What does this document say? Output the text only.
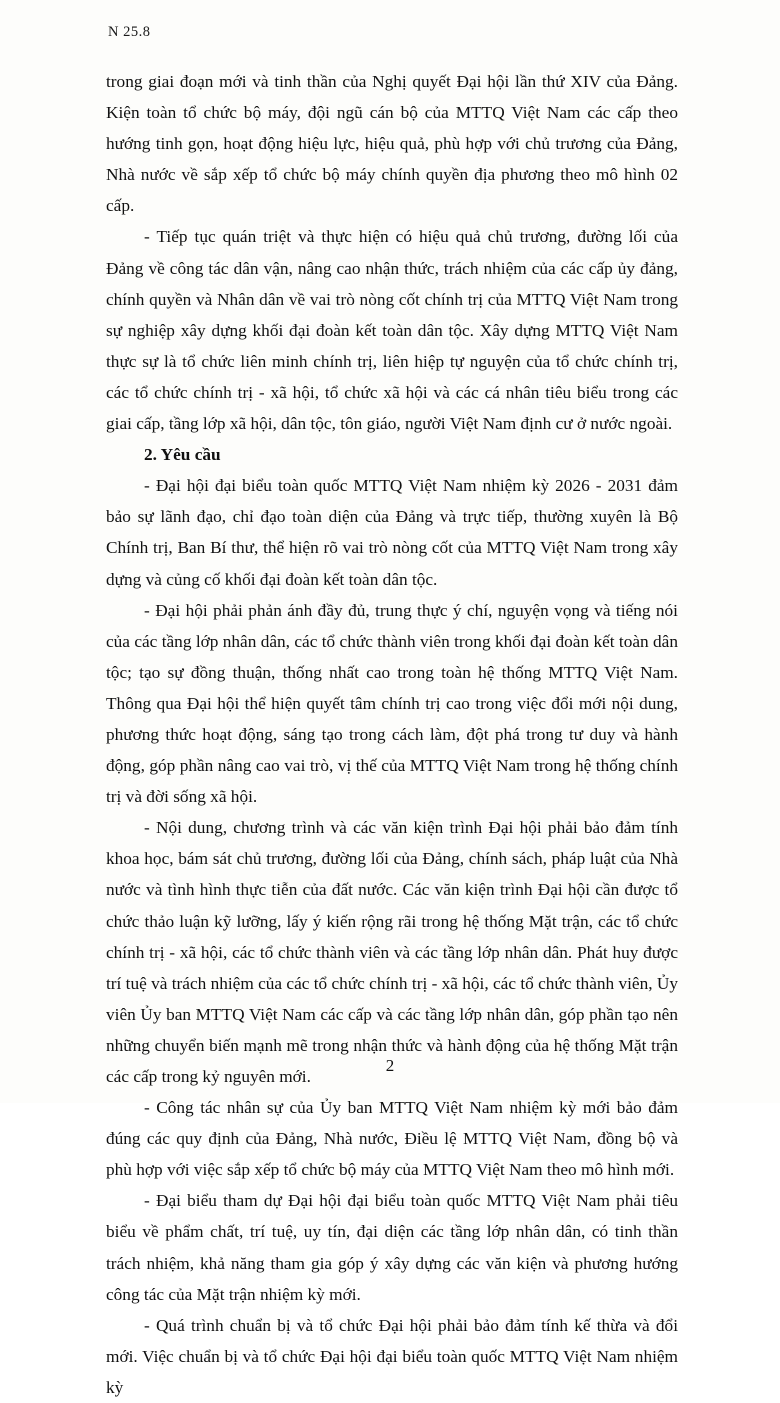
N 25.8

trong giai đoạn mới và tinh thần của Nghị quyết Đại hội lần thứ XIV của Đảng. Kiện toàn tổ chức bộ máy, đội ngũ cán bộ của MTTQ Việt Nam các cấp theo hướng tinh gọn, hoạt động hiệu lực, hiệu quả, phù hợp với chủ trương của Đảng, Nhà nước về sắp xếp tổ chức bộ máy chính quyền địa phương theo mô hình 02 cấp.

- Tiếp tục quán triệt và thực hiện có hiệu quả chủ trương, đường lối của Đảng về công tác dân vận, nâng cao nhận thức, trách nhiệm của các cấp ủy đảng, chính quyền và Nhân dân về vai trò nòng cốt chính trị của MTTQ Việt Nam trong sự nghiệp xây dựng khối đại đoàn kết toàn dân tộc. Xây dựng MTTQ Việt Nam thực sự là tổ chức liên minh chính trị, liên hiệp tự nguyện của tổ chức chính trị, các tổ chức chính trị - xã hội, tổ chức xã hội và các cá nhân tiêu biểu trong các giai cấp, tầng lớp xã hội, dân tộc, tôn giáo, người Việt Nam định cư ở nước ngoài.

2. Yêu cầu

- Đại hội đại biểu toàn quốc MTTQ Việt Nam nhiệm kỳ 2026 - 2031 đảm bảo sự lãnh đạo, chỉ đạo toàn diện của Đảng và trực tiếp, thường xuyên là Bộ Chính trị, Ban Bí thư, thể hiện rõ vai trò nòng cốt của MTTQ Việt Nam trong xây dựng và củng cố khối đại đoàn kết toàn dân tộc.

- Đại hội phải phản ánh đầy đủ, trung thực ý chí, nguyện vọng và tiếng nói của các tầng lớp nhân dân, các tổ chức thành viên trong khối đại đoàn kết toàn dân tộc; tạo sự đồng thuận, thống nhất cao trong toàn hệ thống MTTQ Việt Nam. Thông qua Đại hội thể hiện quyết tâm chính trị cao trong việc đổi mới nội dung, phương thức hoạt động, sáng tạo trong cách làm, đột phá trong tư duy và hành động, góp phần nâng cao vai trò, vị thế của MTTQ Việt Nam trong hệ thống chính trị và đời sống xã hội.

- Nội dung, chương trình và các văn kiện trình Đại hội phải bảo đảm tính khoa học, bám sát chủ trương, đường lối của Đảng, chính sách, pháp luật của Nhà nước và tình hình thực tiễn của đất nước. Các văn kiện trình Đại hội cần được tổ chức thảo luận kỹ lưỡng, lấy ý kiến rộng rãi trong hệ thống Mặt trận, các tổ chức chính trị - xã hội, các tổ chức thành viên và các tầng lớp nhân dân. Phát huy được trí tuệ và trách nhiệm của các tổ chức chính trị - xã hội, các tổ chức thành viên, Ủy viên Ủy ban MTTQ Việt Nam các cấp và các tầng lớp nhân dân, góp phần tạo nên những chuyển biến mạnh mẽ trong nhận thức và hành động của hệ thống Mặt trận các cấp trong kỷ nguyên mới.

- Công tác nhân sự của Ủy ban MTTQ Việt Nam nhiệm kỳ mới bảo đảm đúng các quy định của Đảng, Nhà nước, Điều lệ MTTQ Việt Nam, đồng bộ và phù hợp với việc sắp xếp tổ chức bộ máy của MTTQ Việt Nam theo mô hình mới.

- Đại biểu tham dự Đại hội đại biểu toàn quốc MTTQ Việt Nam phải tiêu biểu về phẩm chất, trí tuệ, uy tín, đại diện các tầng lớp nhân dân, có tinh thần trách nhiệm, khả năng tham gia góp ý xây dựng các văn kiện và phương hướng công tác của Mặt trận nhiệm kỳ mới.

- Quá trình chuẩn bị và tổ chức Đại hội phải bảo đảm tính kế thừa và đổi mới. Việc chuẩn bị và tổ chức Đại hội đại biểu toàn quốc MTTQ Việt Nam nhiệm kỳ

2
